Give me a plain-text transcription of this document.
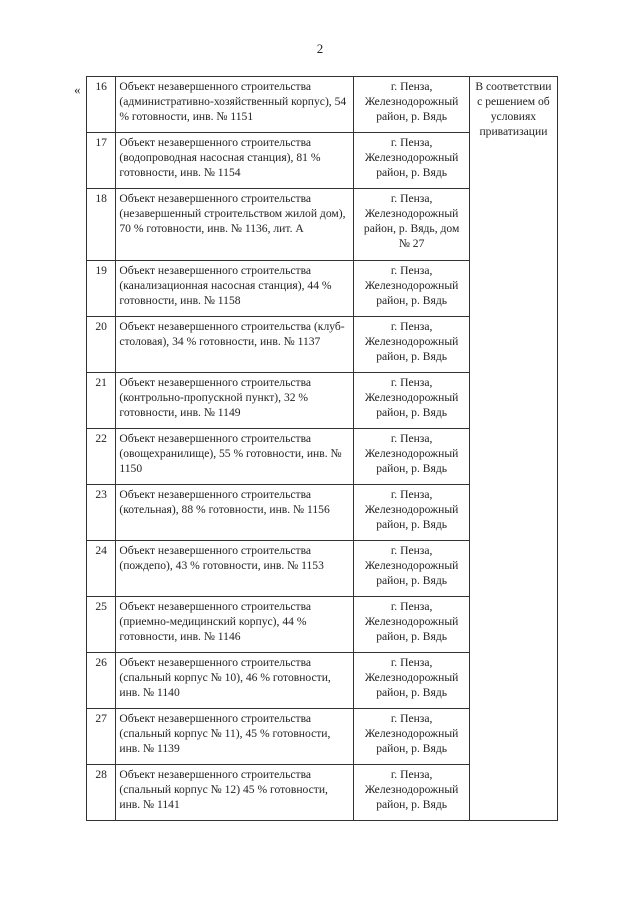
2
« 16	Объект незавершенного строительства (административно-хозяйственный корпус), 54 % готовности, инв. № 1151	г. Пенза, Железнодорожный район, р. Вядь	В соответствии с решением об условиях приватизации
17	Объект незавершенного строительства (водопроводная насосная станция), 81 % готовности, инв. № 1154	г. Пенза, Железнодорожный район, р. Вядь	
18	Объект незавершенного строительства (незавершенный строительством жилой дом), 70 % готовности, инв. № 1136, лит. А	г. Пенза, Железнодорожный район, р. Вядь, дом № 27	
19	Объект незавершенного строительства (канализационная насосная станция), 44 % готовности, инв. № 1158	г. Пенза, Железнодорожный район, р. Вядь	
20	Объект незавершенного строительства (клуб-столовая), 34 % готовности, инв. № 1137	г. Пенза, Железнодорожный район, р. Вядь	
21	Объект незавершенного строительства (контрольно-пропускной пункт), 32 % готовности, инв. № 1149	г. Пенза, Железнодорожный район, р. Вядь	
22	Объект незавершенного строительства (овощехранилище), 55 % готовности, инв. № 1150	г. Пенза, Железнодорожный район, р. Вядь	
23	Объект незавершенного строительства (котельная), 88 % готовности, инв. № 1156	г. Пенза, Железнодорожный район, р. Вядь	
24	Объект незавершенного строительства (пождепо), 43 % готовности, инв. № 1153	г. Пенза, Железнодорожный район, р. Вядь	
25	Объект незавершенного строительства (приемно-медицинский корпус), 44 % готовности, инв. № 1146	г. Пенза, Железнодорожный район, р. Вядь	
26	Объект незавершенного строительства (спальный корпус № 10), 46 % готовности, инв. № 1140	г. Пенза, Железнодорожный район, р. Вядь	
27	Объект незавершенного строительства (спальный корпус № 11), 45 % готовности, инв. № 1139	г. Пенза, Железнодорожный район, р. Вядь	
28	Объект незавершенного строительства (спальный корпус № 12) 45 % готовности, инв. № 1141	г. Пенза, Железнодорожный район, р. Вядь	
